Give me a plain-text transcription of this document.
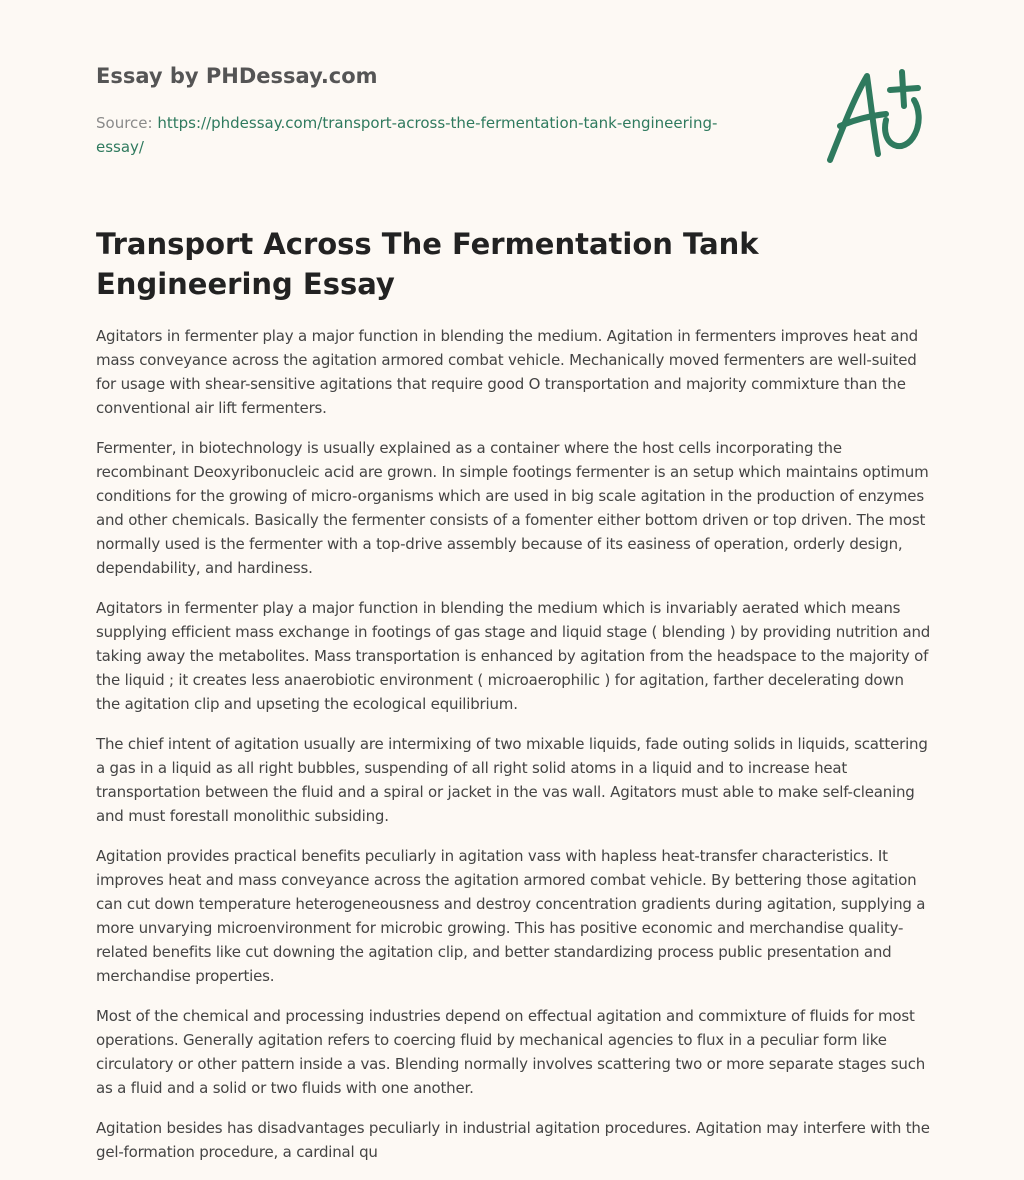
Essay by PHDessay.com

Source: https://phdessay.com/transport-across-the-fermentation-tank-engineering-essay/

Transport Across The Fermentation Tank Engineering Essay

Agitators in fermenter play a major function in blending the medium. Agitation in fermenters improves heat and mass conveyance across the agitation armored combat vehicle. Mechanically moved fermenters are well-suited for usage with shear-sensitive agitations that require good O transportation and majority commixture than the conventional air lift fermenters.

Fermenter, in biotechnology is usually explained as a container where the host cells incorporating the recombinant Deoxyribonucleic acid are grown. In simple footings fermenter is an setup which maintains optimum conditions for the growing of micro-organisms which are used in big scale agitation in the production of enzymes and other chemicals. Basically the fermenter consists of a fomenter either bottom driven or top driven. The most normally used is the fermenter with a top-drive assembly because of its easiness of operation, orderly design, dependability, and hardiness.

Agitators in fermenter play a major function in blending the medium which is invariably aerated which means supplying efficient mass exchange in footings of gas stage and liquid stage ( blending ) by providing nutrition and taking away the metabolites. Mass transportation is enhanced by agitation from the headspace to the majority of the liquid ; it creates less anaerobiotic environment ( microaerophilic ) for agitation, farther decelerating down the agitation clip and upseting the ecological equilibrium.

The chief intent of agitation usually are intermixing of two mixable liquids, fade outing solids in liquids, scattering a gas in a liquid as all right bubbles, suspending of all right solid atoms in a liquid and to increase heat transportation between the fluid and a spiral or jacket in the vas wall. Agitators must able to make self-cleaning and must forestall monolithic subsiding.

Agitation provides practical benefits peculiarly in agitation vass with hapless heat-transfer characteristics. It improves heat and mass conveyance across the agitation armored combat vehicle. By bettering those agitation can cut down temperature heterogeneousness and destroy concentration gradients during agitation, supplying a more unvarying microenvironment for microbic growing. This has positive economic and merchandise quality-related benefits like cut downing the agitation clip, and better standardizing process public presentation and merchandise properties.

Most of the chemical and processing industries depend on effectual agitation and commixture of fluids for most operations. Generally agitation refers to coercing fluid by mechanical agencies to flux in a peculiar form like circulatory or other pattern inside a vas. Blending normally involves scattering two or more separate stages such as a fluid and a solid or two fluids with one another.

Agitation besides has disadvantages peculiarly in industrial agitation procedures. Agitation may interfere with the gel-formation procedure, a cardinal qu
